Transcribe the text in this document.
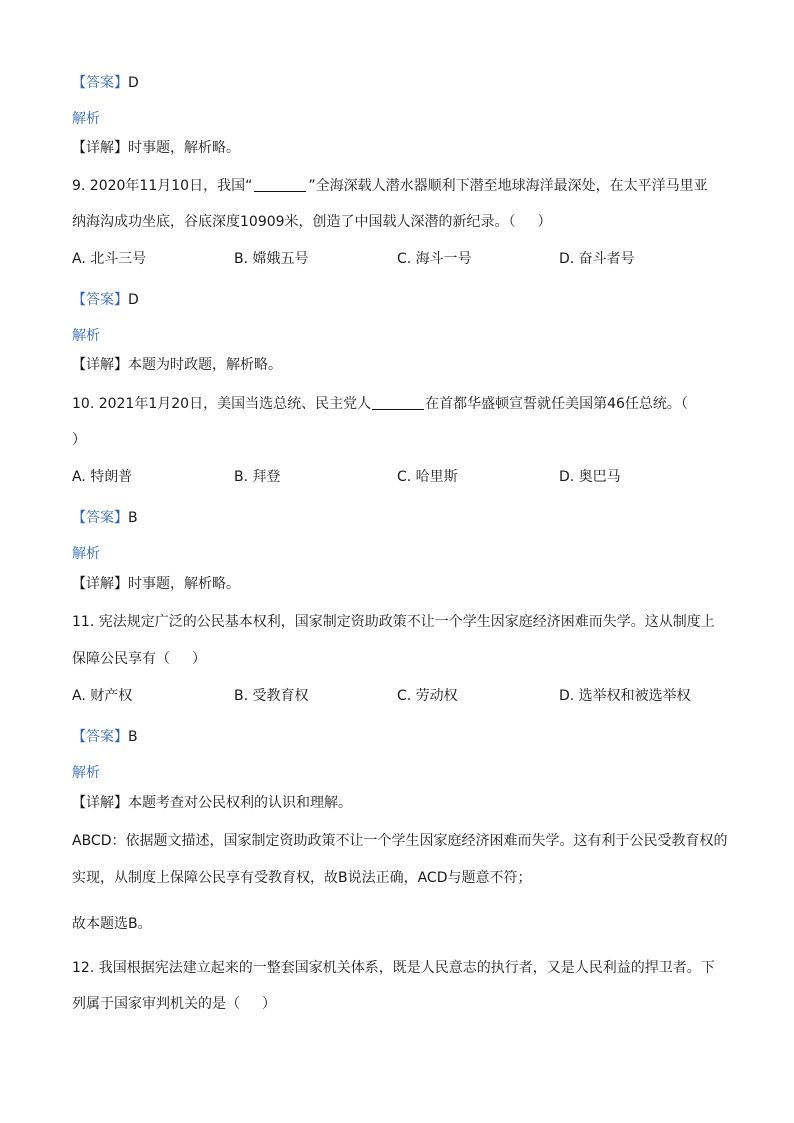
【答案】D
解析
【详解】时事题，解析略。
9. 2020年11月10日，我国“	”全海深载人潜水器顺利下潜至地球海洋最深处，在太平洋马里亚
纳海沟成功坐底，谷底深度10909米，创造了中国载人深潜的新纪录。（ ）
A. 北斗三号	B. 嫦娥五号	C. 海斗一号	D. 奋斗者号
【答案】D
解析
【详解】本题为时政题，解析略。
10. 2021年1月20日，美国当选总统、民主党人	在首都华盛顿宣誓就任美国第46任总统。（
）
A. 特朗普	B. 拜登	C. 哈里斯	D. 奥巴马
【答案】B
解析
【详解】时事题，解析略。
11. 宪法规定广泛的公民基本权利，国家制定资助政策不让一个学生因家庭经济困难而失学。这从制度上
保障公民享有（ ）
A. 财产权	B. 受教育权	C. 劳动权	D. 选举权和被选举权
【答案】B
解析
【详解】本题考查对公民权利的认识和理解。
ABCD：依据题文描述，国家制定资助政策不让一个学生因家庭经济困难而失学。这有利于公民受教育权的
实现，从制度上保障公民享有受教育权，故B说法正确，ACD与题意不符；
故本题选B。
12. 我国根据宪法建立起来的一整套国家机关体系，既是人民意志的执行者，又是人民利益的捍卫者。下
列属于国家审判机关的是（ ）
